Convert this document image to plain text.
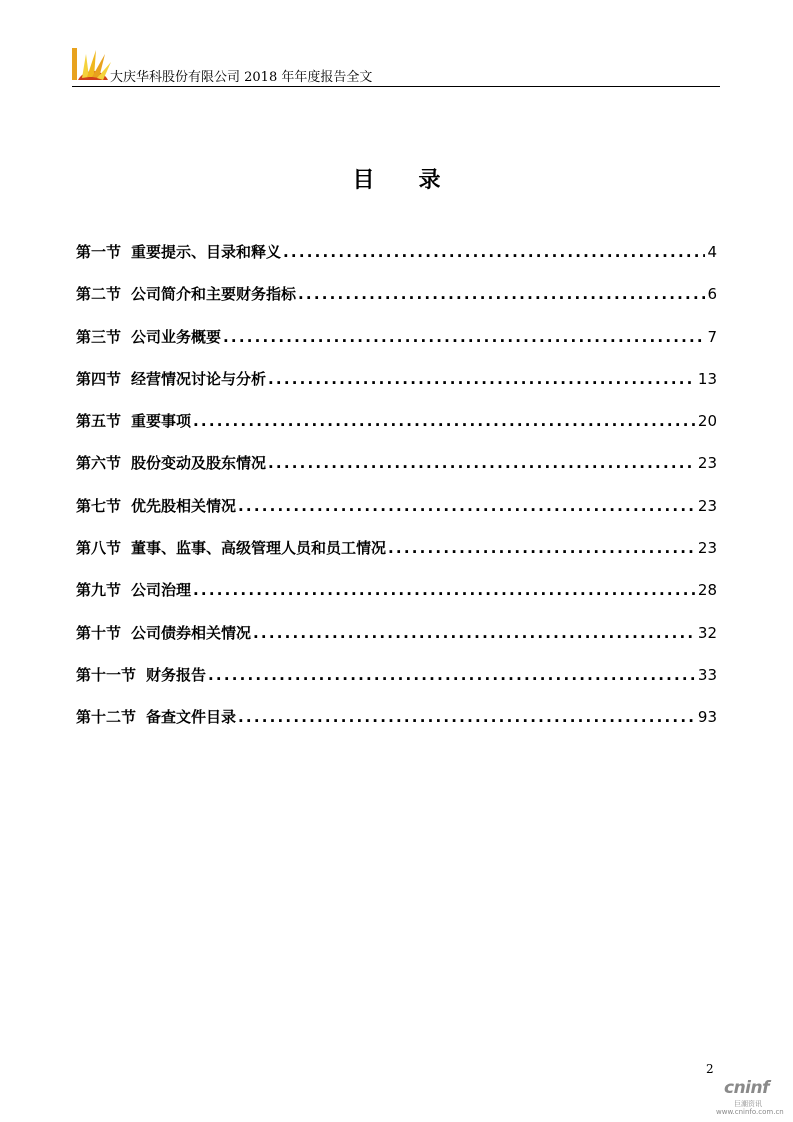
大庆华科股份有限公司 2018 年年度报告全文
目录
第一节 重要提示、目录和释义 .....	4
第二节 公司简介和主要财务指标 .....	6
第三节 公司业务概要 .....	7
第四节 经营情况讨论与分析 .....	13
第五节 重要事项 .....	20
第六节 股份变动及股东情况 .....	23
第七节 优先股相关情况 .....	23
第八节 董事、监事、高级管理人员和员工情况 .....	23
第九节 公司治理 .....	28
第十节 公司债券相关情况 .....	32
第十一节 财务报告 .....	33
第十二节 备查文件目录 .....	93
2
cninf
巨潮资讯
www.cninfo.com.cn
